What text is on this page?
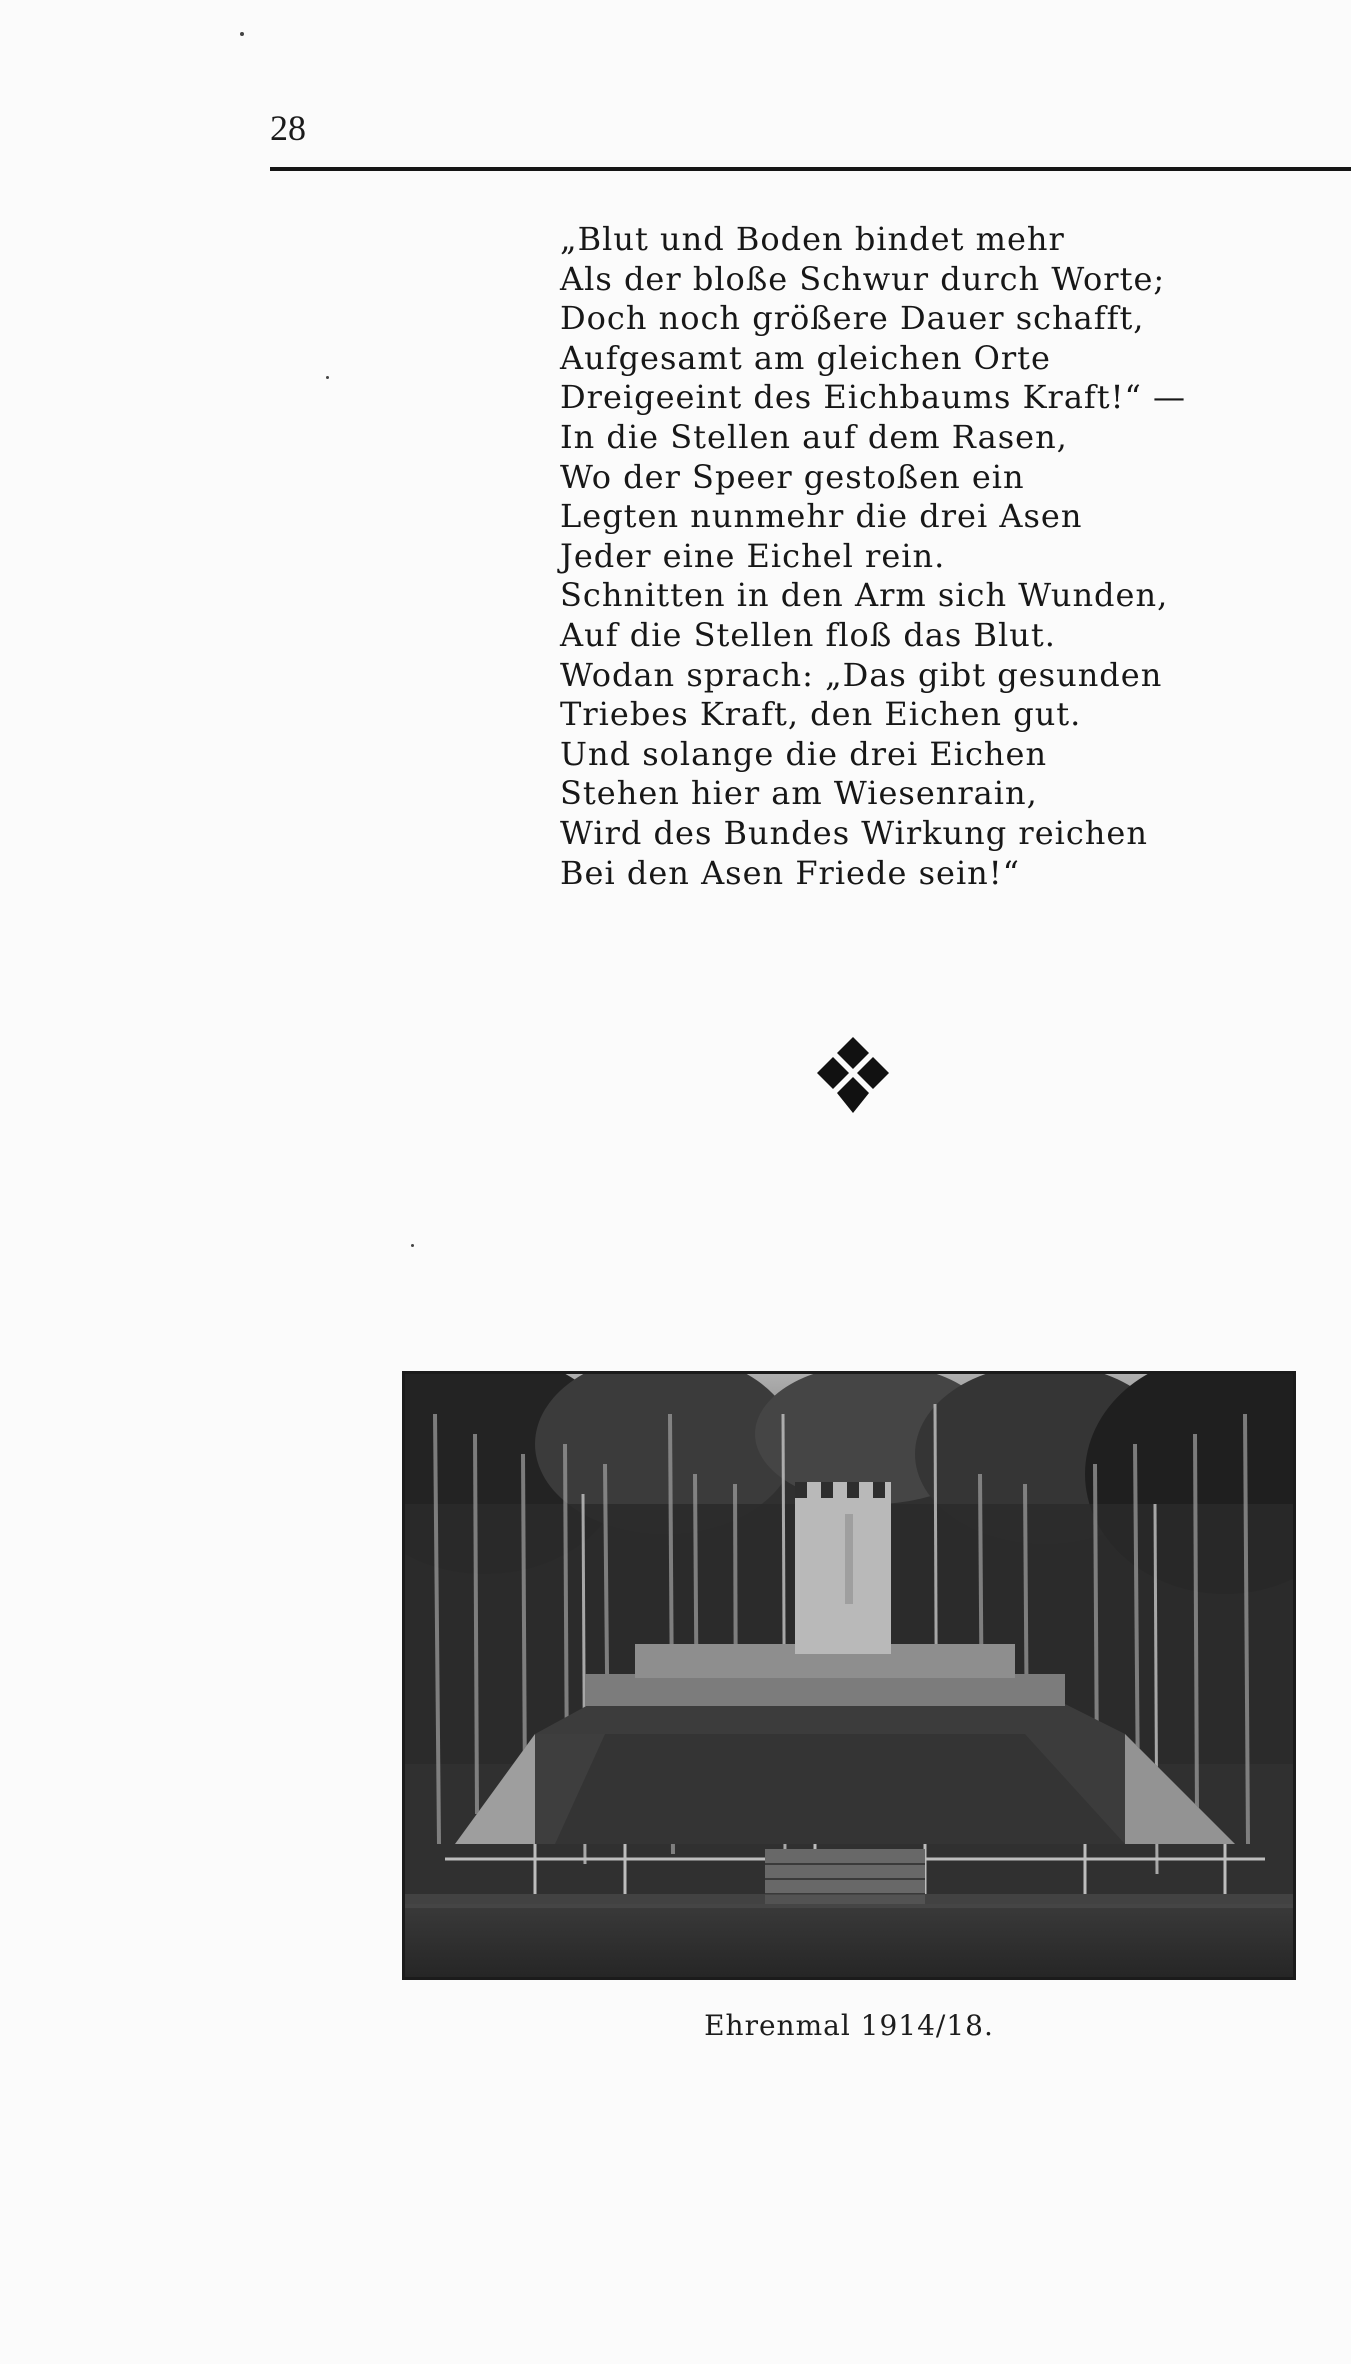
28
„Blut und Boden bindet mehr
Als der bloße Schwur durch Worte;
Doch noch größere Dauer schafft,
Aufgesamt am gleichen Orte
Dreigeeint des Eichbaums Kraft!“ —
In die Stellen auf dem Rasen,
Wo der Speer gestoßen ein
Legten nunmehr die drei Asen
Jeder eine Eichel rein.
Schnitten in den Arm sich Wunden,
Auf die Stellen floß das Blut.
Wodan sprach: „Das gibt gesunden
Triebes Kraft, den Eichen gut.
Und solange die drei Eichen
Stehen hier am Wiesenrain,
Wird des Bundes Wirkung reichen
Bei den Asen Friede sein!“
Ehrenmal 1914/18.
